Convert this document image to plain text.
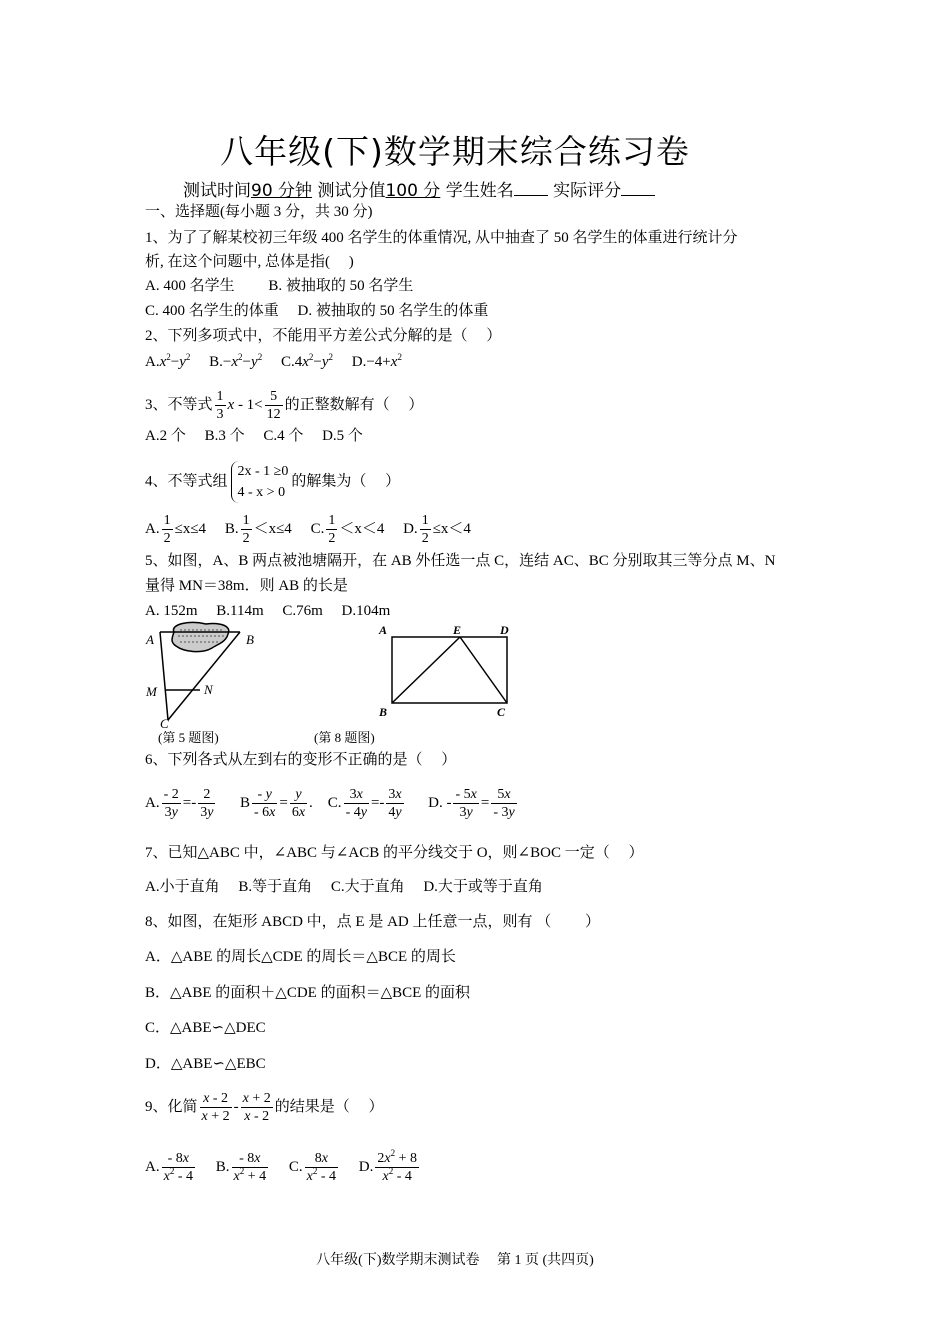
八年级(下)数学期末综合练习卷
测试时间90 分钟 测试分值100 分 学生姓名 实际评分
一、选择题(每小题 3 分，共 30 分)
1、为了了解某校初三年级 400 名学生的体重情况, 从中抽查了 50 名学生的体重进行统计分
析, 在这个问题中, 总体是指(　 )
A. 400 名学生　　 B. 被抽取的 50 名学生
C. 400 名学生的体重　 D. 被抽取的 50 名学生的体重
2、下列多项式中，不能用平方差公式分解的是（　 ）
$A.x^2-y^2$ $B.-x^2-y^2$ $C.4x^2-y^2$ $D.-4+x^2$
3、不等式 $\frac{1}{3}$ $x - 1< \frac{5}{12}$ 的正整数解有（　 ）
A.2 个　 B.3 个　 C.4 个　 D.5 个
4、不等式组
2x - 1 ≥0
4 - x > 0
的解集为（　 ）
A. $\frac{1}{2} \le x\le 4$     B. $\frac{1}{2} <x\le 4$     C. $\frac{1}{2} <x<4$     D. $\frac{1}{2} \le x<4$
5、如图，A、B 两点被池塘隔开，在 AB 外任选一点 C，连结 AC、BC 分别取其三等分点 M、N
量得 MN＝38m．则 AB 的长是
A. 152m　 B.114m　 C.76m　 D.104m
A	B
M	N
C
(第 5 题图)
A	E	D
B	C
(第 8 题图)
6、下列各式从左到右的变形不正确的是（　 ）
A. $\frac{- 2}{3y} =- \frac{2}{3y}$ B $\frac{- y}{- 6x} = \frac{y}{6x}$ . C. $\frac{3x}{- 4y} =- \frac{3x}{4y} D$. - $\frac{- 5x}{3y} = \frac{5x}{- 3y}$
7、已知△ABC 中，∠ABC 与∠ACB 的平分线交于 O，则∠BOC 一定（　 ）
A.小于直角　 B.等于直角　 C.大于直角　 D.大于或等于直角
8、如图，在矩形 ABCD 中，点 E 是 AD 上任意一点，则有 （　　 ）
A．△ABE 的周长△CDE 的周长＝△BCE 的周长
B．△ABE 的面积＋△CDE 的面积＝△BCE 的面积
C．△ABE∽△DEC
D．△ABE∽△EBC
9、化简 $\frac{x - 2}{x + 2} - \frac{x + 2}{x - 2}$ 的结果是（　 ）
A. $\frac{- 8x}{x^2 - 4} B$. $\frac{- 8x}{x^2 + 4} C$. $\frac{8x}{x^2 - 4} D$. $\frac{2x^2 + 8}{x^2 - 4}$
八年级(下)数学期末测试卷　 第 1 页 (共四页)
